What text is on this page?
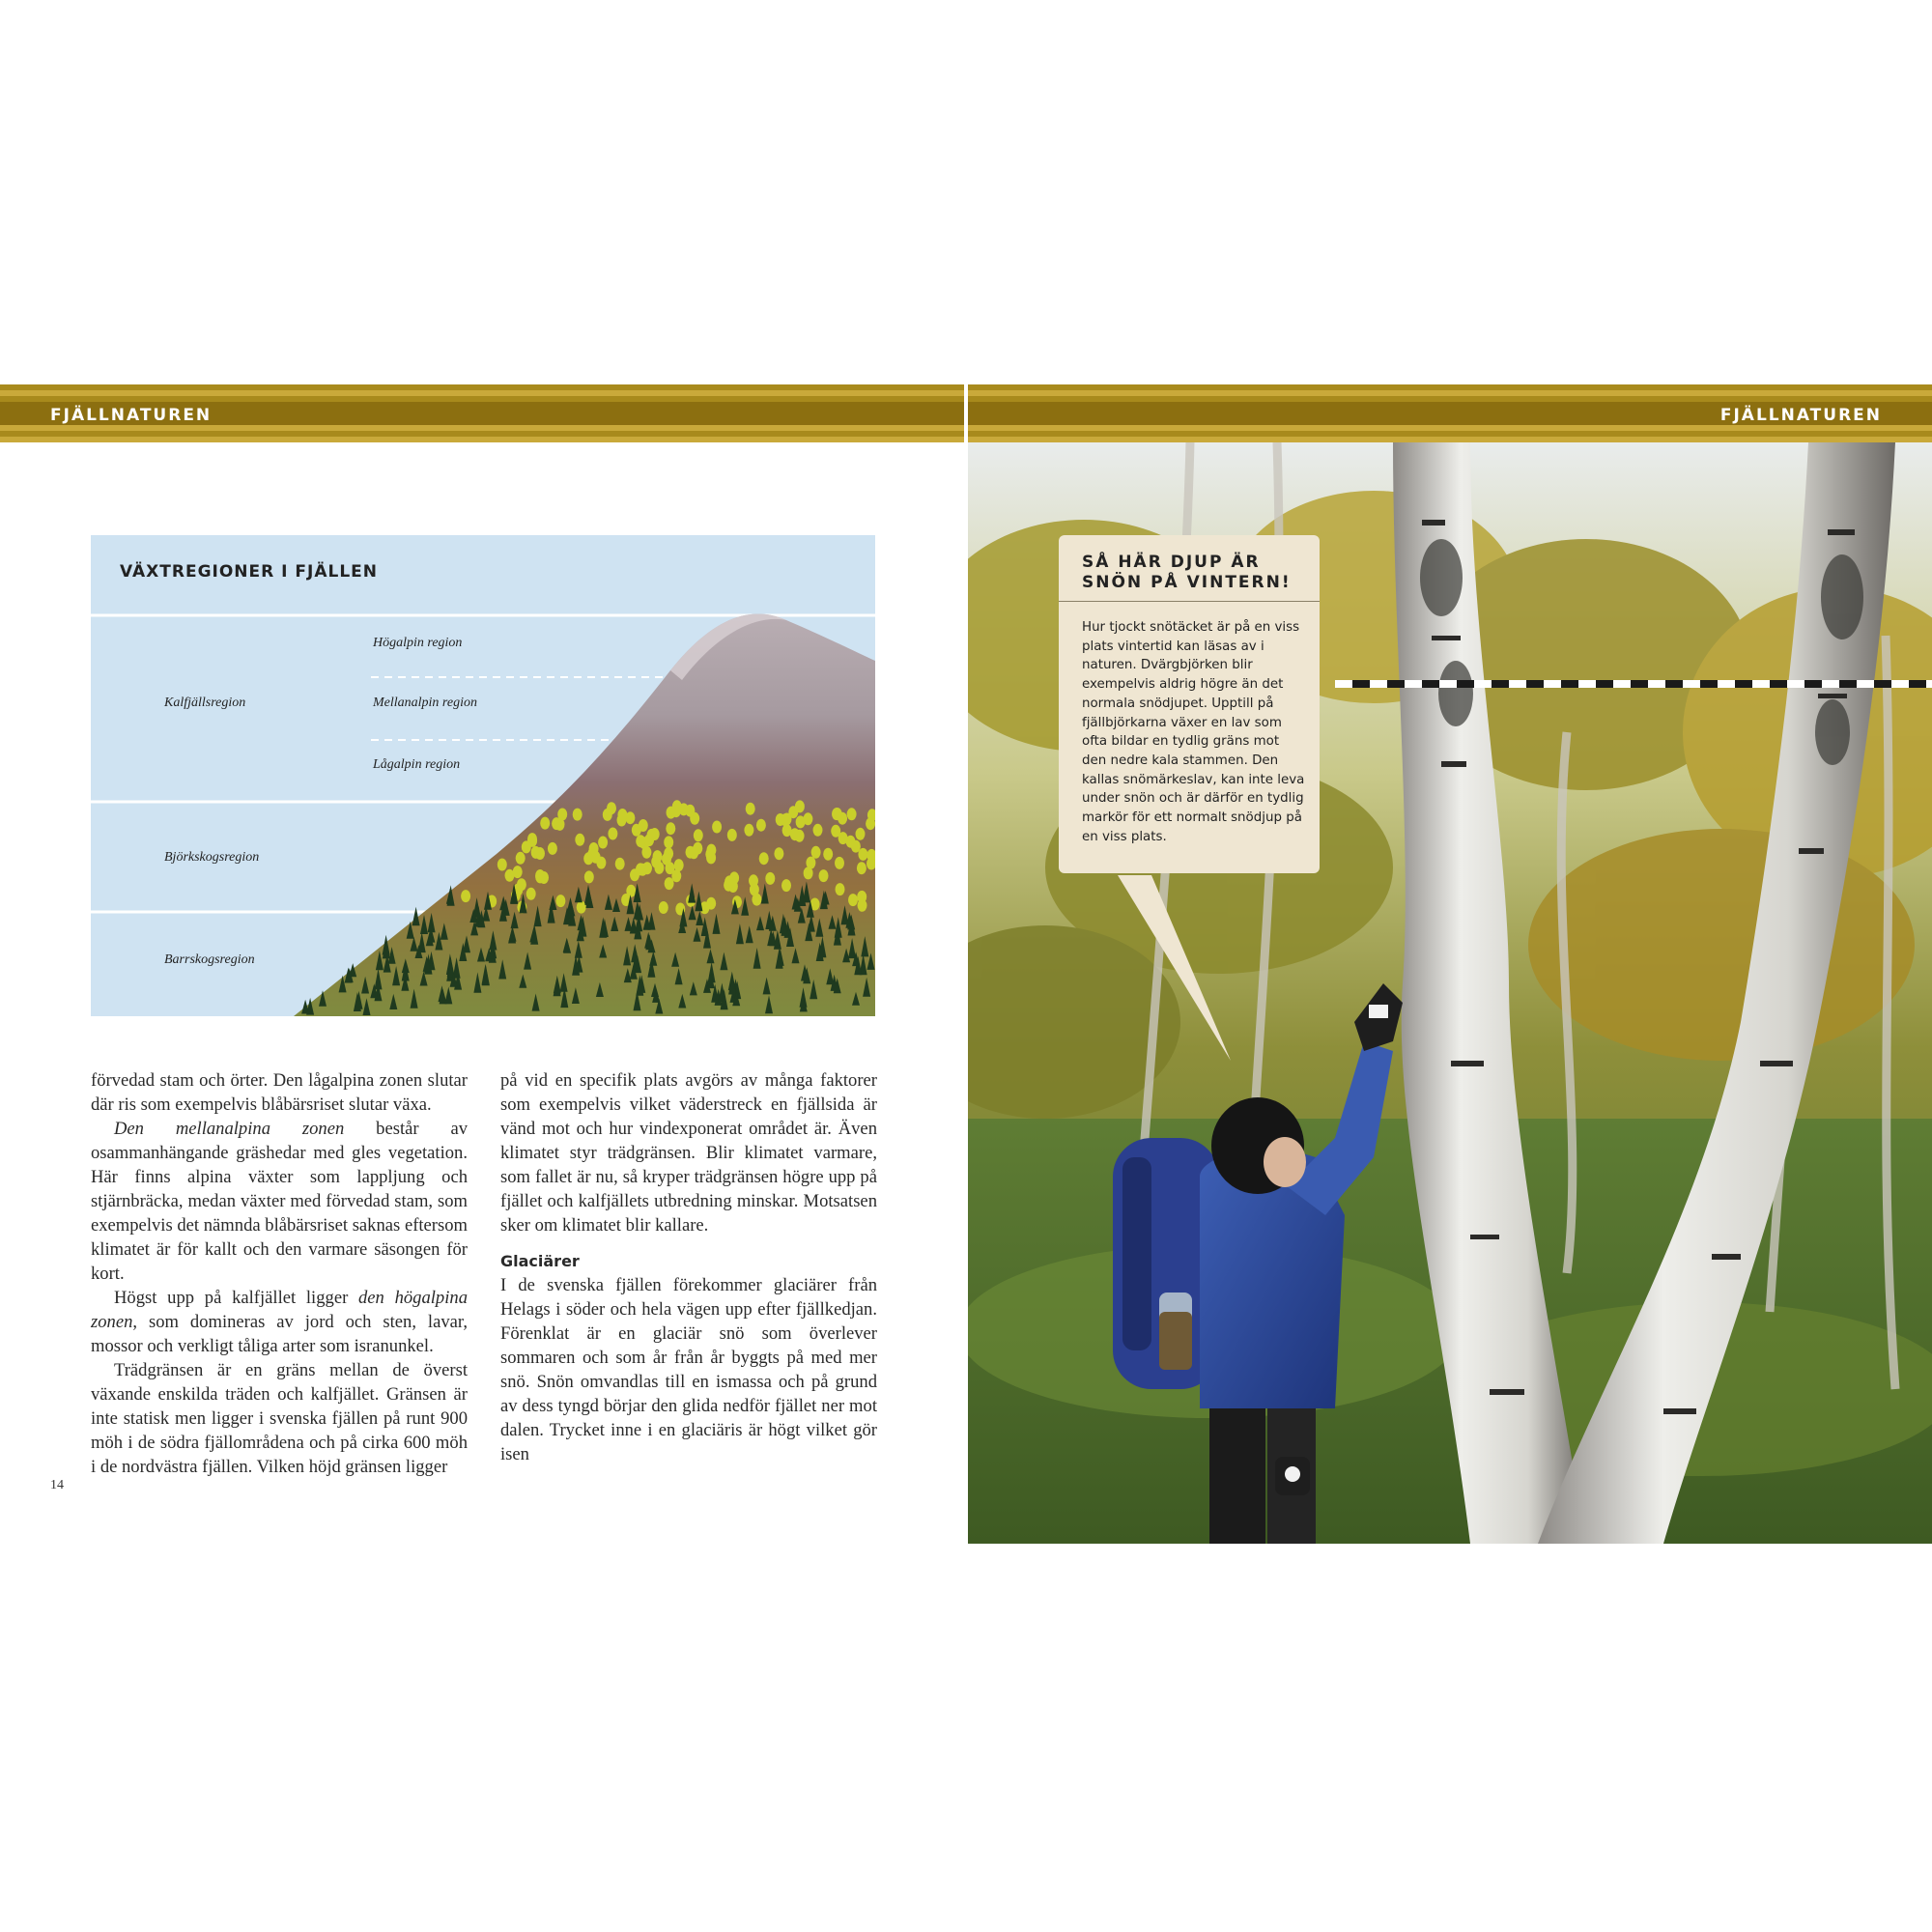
FJÄLLNATUREN	FJÄLLNATUREN
VÄXTREGIONER I FJÄLLEN
Kalfjällsregion
Högalpin region
Mellanalpin region
Lågalpin region
Björkskogsregion
Barrskogsregion

förvedad stam och örter. Den lågalpina zonen slutar där ris som exempelvis blåbärsriset slutar växa.

Den mellanalpina zonen består av osammanhängande gräshedar med gles vegetation. Här finns alpina växter som lappljung och stjärnbräcka, medan växter med förvedad stam, som exempelvis det nämnda blåbärsriset saknas eftersom klimatet är för kallt och den varmare säsongen för kort.

Högst upp på kalfjället ligger den högalpina zonen, som domineras av jord och sten, lavar, mossor och verkligt tåliga arter som isranunkel.

Trädgränsen är en gräns mellan de överst växande enskilda träden och kalfjället. Gränsen är inte statisk men ligger i svenska fjällen på runt 900 möh i de södra fjällområdena och på cirka 600 möh i de nordvästra fjällen. Vilken höjd gränsen ligger

på vid en specifik plats avgörs av många faktorer som exempelvis vilket väderstreck en fjällsida är vänd mot och hur vindexponerat området är. Även klimatet styr trädgränsen. Blir klimatet varmare, som fallet är nu, så kryper trädgränsen högre upp på fjället och kalfjällets utbredning minskar. Motsatsen sker om klimatet blir kallare.

Glaciärer

I de svenska fjällen förekommer glaciärer från Helags i söder och hela vägen upp efter fjällkedjan. Förenklat är en glaciär snö som överlever sommaren och som år från år byggts på med mer snö. Snön omvandlas till en ismassa och på grund av dess tyngd börjar den glida nedför fjället ner mot dalen. Trycket inne i en glaciäris är högt vilket gör isen

14
SÅ HÄR DJUP ÄR SNÖN PÅ VINTERN!
Hur tjockt snötäcket är på en viss plats vintertid kan läsas av i naturen. Dvärgbjörken blir exempelvis aldrig högre än det normala snödjupet. Upptill på fjällbjörkarna växer en lav som ofta bildar en tydlig gräns mot den nedre kala stammen. Den kallas snömärkeslav, kan inte leva under snön och är därför en tydlig markör för ett normalt snödjup på en viss plats.
